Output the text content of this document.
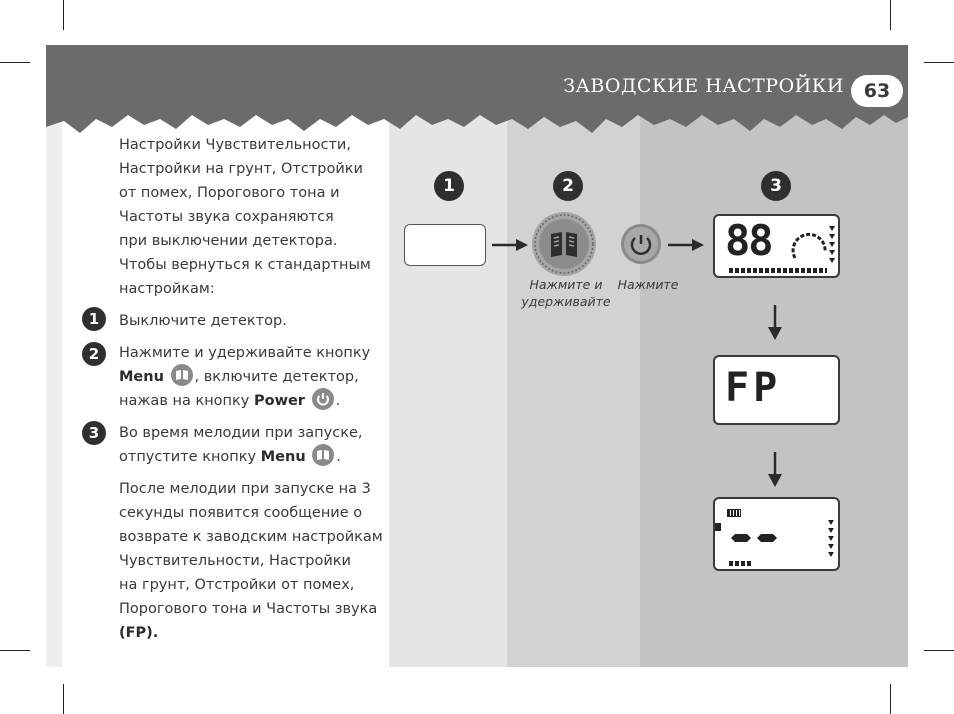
ЗАВОДСКИЕ НАСТРОЙКИ	63

Настройки Чувствительности,

Настройки на грунт, Отстройки

от помех, Порогового тона и

Частоты звука сохраняются

при выключении детектора.

Чтобы вернуться к стандартным

настройкам:

1	Выключите детектор.

2	Нажмите и удерживайте кнопку

Menu , включите детектор,

нажав на кнопку Power .

3	Во время мелодии при запуске,

отпустите кнопку Menu .

После мелодии при запуске на 3

секунды появится сообщение о

возврате к заводским настройкам

Чувствительности, Настройки

на грунт, Отстройки от помех,

Порогового тона и Частоты звука

(FP).

1	2	3
Нажмите и
удерживайте
Нажмите
88
FP
